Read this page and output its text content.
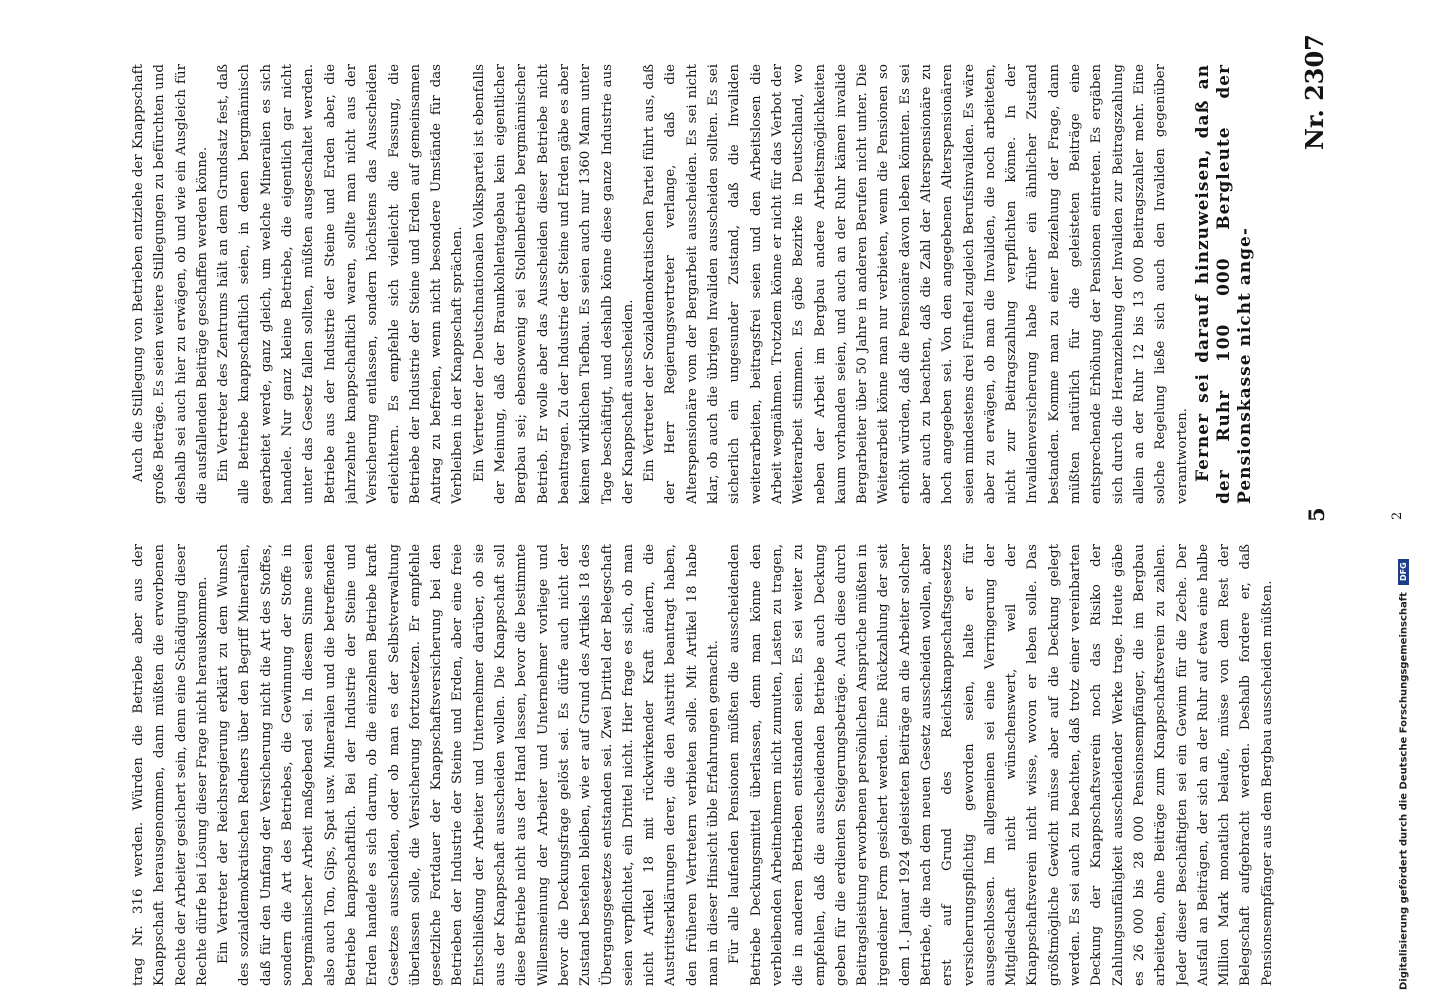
5
Nr. 2307

trag Nr. 316 werden. Würden die Betriebe aber aus der Knappschaft herausgenommen, dann müßten die erworbenen Rechte der Arbeiter gesichert sein, denn eine Schädigung dieser Rechte dürfe bei Lösung dieser Frage nicht herauskommen. Ein Vertreter der Reichsregierung erklärt zu dem Wunsch des sozialdemokratischen Redners über den Begriff Mineralien, daß für den Umfang der Versicherung nicht die Art des Stoffes, sondern die Art des Betriebes, die Gewinnung der Stoffe in bergmännischer Arbeit maßgebend sei. In diesem Sinne seien also auch Ton, Gips, Spat usw. Mineralien und die betreffenden Betriebe knappschaftlich. Bei der Industrie der Steine und Erden handele es sich darum, ob die einzelnen Betriebe kraft Gesetzes ausscheiden, oder ob man es der Selbstverwaltung überlassen solle, die Versicherung fortzusetzen. Er empfehle gesetzliche Fortdauer der Knappschaftsversicherung bei den Betrieben der Industrie der Steine und Erden, aber eine freie Entschließung der Arbeiter und Unternehmer darüber, ob sie aus der Knappschaft ausscheiden wollen. Die Knappschaft soll diese Betriebe nicht aus der Hand lassen, bevor die bestimmte Willensmeinung der Arbeiter und Unternehmer vorliege und bevor die Deckungsfrage gelöst sei. Es dürfe auch nicht der Zustand bestehen bleiben, wie er auf Grund des Artikels 18 des Übergangsgesetzes entstanden sei. Zwei Drittel der Belegschaft seien verpflichtet, ein Drittel nicht. Hier frage es sich, ob man nicht Artikel 18 mit rückwirkender Kraft ändern, die Austrittserklärungen derer, die den Austritt beantragt haben, den früheren Vertretern verbieten solle. Mit Artikel 18 habe man in dieser Hinsicht üble Erfahrungen gemacht. Für alle laufenden Pensionen müßten die ausscheidenden Betriebe Deckungsmittel überlassen, denn man könne den verbleibenden Arbeitnehmern nicht zumuten, Lasten zu tragen, die in anderen Betrieben entstanden seien. Es sei weiter zu empfehlen, daß die ausscheidenden Betriebe auch Deckung geben für die erdienten Steigerungsbeträge. Auch diese durch Beitragsleistung erworbenen persönlichen Ansprüche müßten in irgendeiner Form gesichert werden. Eine Rückzahlung der seit dem 1. Januar 1924 geleisteten Beiträge an die Arbeiter solcher Betriebe, die nach dem neuen Gesetz ausscheiden wollen, aber erst auf Grund des Reichsknappschaftsgesetzes versicherungspflichtig geworden seien, halte er für ausgeschlossen. Im allgemeinen sei eine Verringerung der Mitgliedschaft nicht wünschenswert, weil der Knappschaftsverein nicht wisse, wovon er leben solle. Das größtmögliche Gewicht müsse aber auf die Deckung gelegt werden. Es sei auch zu beachten, daß trotz einer vereinbarten Deckung der Knappschaftsverein noch das Risiko der Zahlungsunfähigkeit ausscheidender Werke trage. Heute gäbe es 26 000 bis 28 000 Pensionsempfänger, die im Bergbau arbeiteten, ohne Beiträge zum Knappschaftsverein zu zahlen. Jeder dieser Beschäftigten sei ein Gewinn für die Zeche. Der Ausfall an Beiträgen, der sich an der Ruhr auf etwa eine halbe Million Mark monatlich belaufe, müsse von dem Rest der Belegschaft aufgebracht werden. Deshalb fordere er, daß Pensionsempfänger aus dem Bergbau ausscheiden müßten.

Auch die Stillegung von Betrieben entziehe der Knappschaft große Beträge. Es seien weitere Stillegungen zu befürchten und deshalb sei auch hier zu erwägen, ob und wie ein Ausgleich für die ausfallenden Beiträge geschaffen werden könne. Ein Vertreter des Zentrums hält an dem Grundsatz fest, daß alle Betriebe knappschaftlich seien, in denen bergmännisch gearbeitet werde, ganz gleich, um welche Mineralien es sich handele. Nur ganz kleine Betriebe, die eigentlich gar nicht unter das Gesetz fallen sollten, müßten ausgeschaltet werden. Betriebe aus der Industrie der Steine und Erden aber, die jahrzehnte knappschaftlich waren, sollte man nicht aus der Versicherung entlassen, sondern höchstens das Ausscheiden erleichtern. Es empfehle sich vielleicht die Fassung, die Betriebe der Industrie der Steine und Erden auf gemeinsamen Antrag zu befreien, wenn nicht besondere Umstände für das Verbleiben in der Knappschaft sprächen. Ein Vertreter der Deutschnationalen Volkspartei ist ebenfalls der Meinung, daß der Braunkohlentagebau kein eigentlicher Bergbau sei; ebensowenig sei Stollenbetrieb bergmännischer Betrieb. Er wolle aber das Ausscheiden dieser Betriebe nicht beantragen. Zu der Industrie der Steine und Erden gäbe es aber keinen wirklichen Tiefbau. Es seien auch nur 1360 Mann unter Tage beschäftigt, und deshalb könne diese ganze Industrie aus der Knappschaft ausscheiden. Ein Vertreter der Sozialdemokratischen Partei führt aus, daß der Herr Regierungsvertreter verlange, daß die Alterspensionäre vom der Bergarbeit ausscheiden. Es sei nicht klar, ob auch die übrigen Invaliden ausscheiden sollten. Es sei sicherlich ein ungesunder Zustand, daß die Invaliden weiterarbeiten, beitragsfrei seien und den Arbeitslosen die Arbeit wegnähmen. Trotzdem könne er nicht für das Verbot der Weiterarbeit stimmen. Es gäbe Bezirke in Deutschland, wo neben der Arbeit im Bergbau andere Arbeitsmöglichkeiten kaum vorhanden seien, und auch an der Ruhr kämen invalide Bergarbeiter über 50 Jahre in anderen Berufen nicht unter. Die Weiterarbeit könne man nur verbieten, wenn die Pensionen so erhöht würden, daß die Pensionäre davon leben könnten. Es sei aber auch zu beachten, daß die Zahl der Alterspensionäre zu hoch angegeben sei. Von den angegebenen Alterspensionären seien mindestens drei Fünftel zugleich Berufsinvaliden. Es wäre aber zu erwägen, ob man die Invaliden, die noch arbeiteten, nicht zur Beitragszahlung verpflichten könne. In der Invalidenversicherung habe früher ein ähnlicher Zustand bestanden. Komme man zu einer Beziehung der Frage, dann müßten natürlich für die geleisteten Beiträge eine entsprechende Erhöhung der Pensionen eintreten. Es ergäben sich durch die Heranziehung der Invaliden zur Beitragszahlung allein an der Ruhr 12 bis 13 000 Beitragszahler mehr. Eine solche Regelung ließe sich auch den Invaliden gegenüber verantworten. Ferner sei darauf hinzuweisen, daß an der Ruhr 100 000 Bergleute der Pensionskasse nicht ange-

2
Digitalisierung gefördert durch die Deutsche Forschungsgemeinschaft DFG
